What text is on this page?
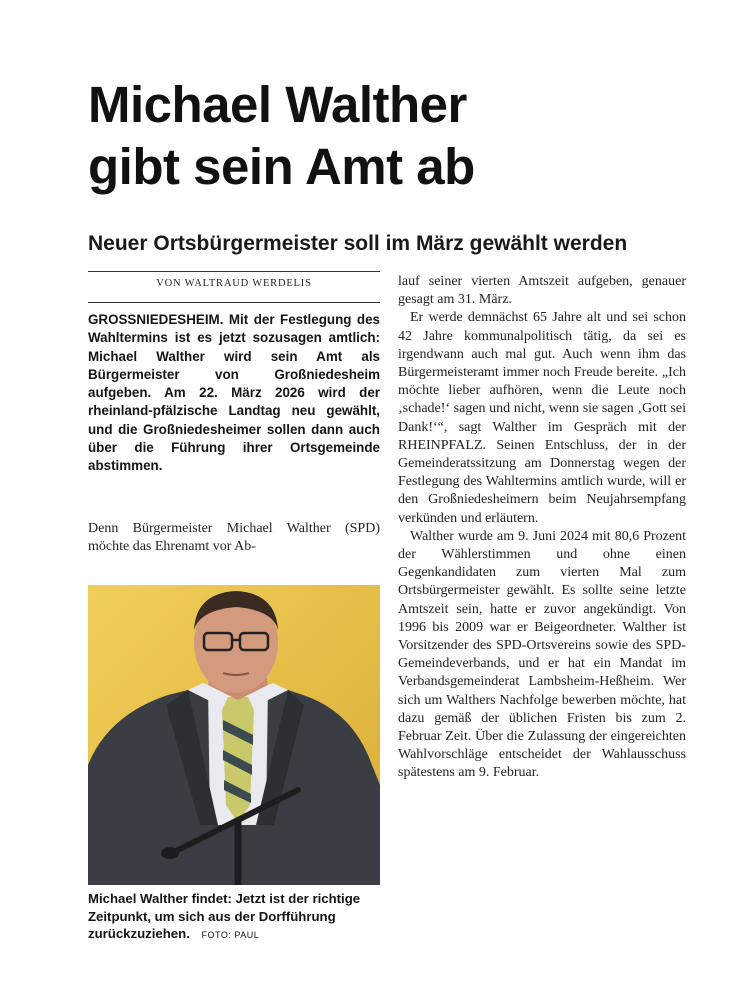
Michael Walther
gibt sein Amt ab
Neuer Ortsbürgermeister soll im März gewählt werden
VON WALTRAUD WERDELIS

GROSSNIEDESHEIM. Mit der Festlegung des Wahltermins ist es jetzt sozusagen amtlich: Michael Walther wird sein Amt als Bürgermeister von Großniedesheim aufgeben. Am 22. März 2026 wird der rheinland-pfälzische Landtag neu gewählt, und die Großniedesheimer sollen dann auch über die Führung ihrer Ortsgemeinde abstimmen.

Denn Bürgermeister Michael Walther (SPD) möchte das Ehrenamt vor Ab-

Michael Walther findet: Jetzt ist der richtige Zeitpunkt, um sich aus der Dorfführung zurückzuziehen. FOTO: PAUL

lauf seiner vierten Amtszeit aufgeben, genauer gesagt am 31. März.

Er werde demnächst 65 Jahre alt und sei schon 42 Jahre kommunalpolitisch tätig, da sei es irgendwann auch mal gut. Auch wenn ihm das Bürgermeisteramt immer noch Freude bereite. „Ich möchte lieber aufhören, wenn die Leute noch ‚schade!‘ sagen und nicht, wenn sie sagen ‚Gott sei Dank!‘“, sagt Walther im Gespräch mit der RHEINPFALZ. Seinen Entschluss, der in der Gemeinderatssitzung am Donnerstag wegen der Festlegung des Wahltermins amtlich wurde, will er den Großniedesheimern beim Neujahrsempfang verkünden und erläutern.

Walther wurde am 9. Juni 2024 mit 80,6 Prozent der Wählerstimmen und ohne einen Gegenkandidaten zum vierten Mal zum Ortsbürgermeister gewählt. Es sollte seine letzte Amtszeit sein, hatte er zuvor angekündigt. Von 1996 bis 2009 war er Beigeordneter. Walther ist Vorsitzender des SPD-Ortsvereins sowie des SPD-Gemeindeverbands, und er hat ein Mandat im Verbandsgemeinderat Lambsheim-Heßheim. Wer sich um Walthers Nachfolge bewerben möchte, hat dazu gemäß der üblichen Fristen bis zum 2. Februar Zeit. Über die Zulassung der eingereichten Wahlvorschläge entscheidet der Wahlausschuss spätestens am 9. Februar.
